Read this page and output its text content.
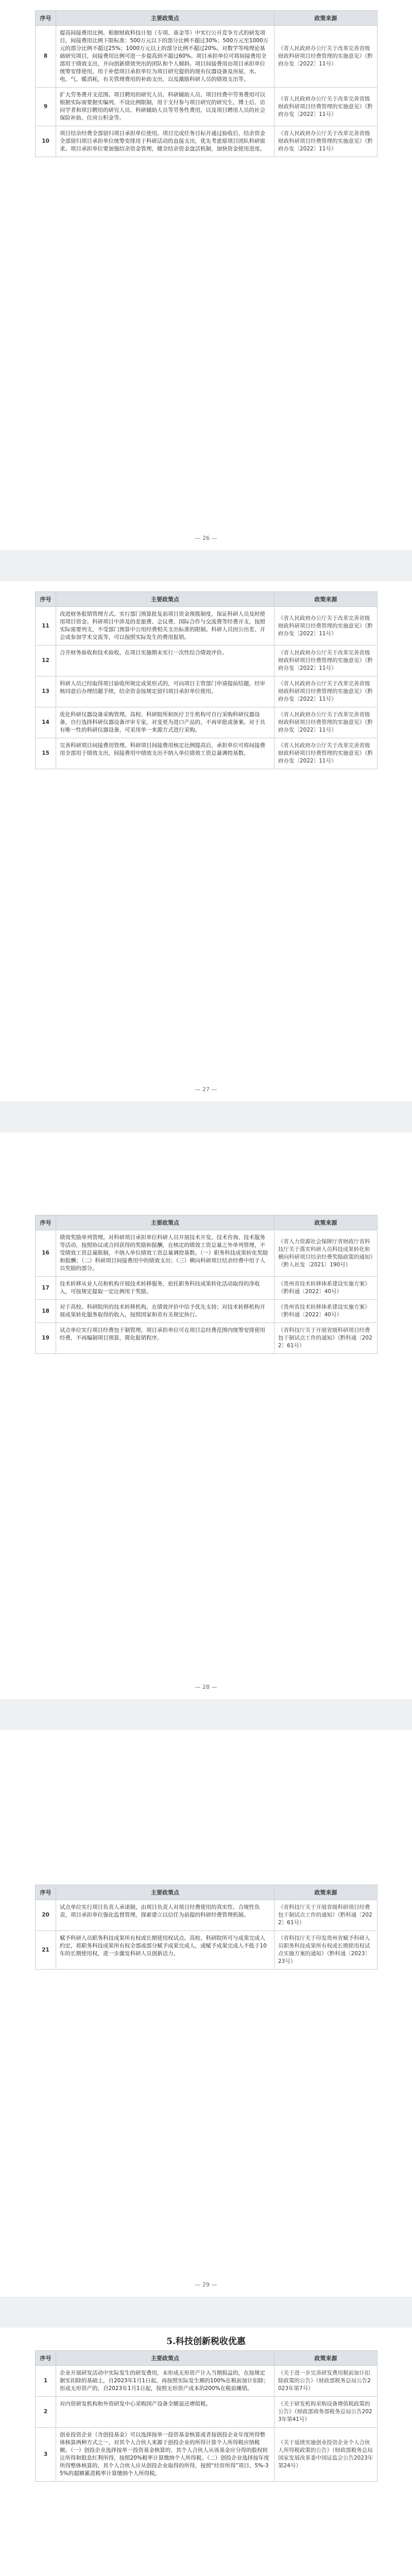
序号	主要政策点	政策来源
8	提高间接费用比例。根据财政科技计划（专项、基金等）中实行公开竞争方式的研发项目，间接费用比例下限标准：500万元以下的部分比例不超过30%；500万元至1000万元的部分比例不超过25%；1000万元以上的部分比例不超过20%。对数学等纯理论基础研究项目，间接费用比例可进一步提高到不超过60%。项目承担单位可将间接费用全部用于绩效支出，并向创新绩效突出的团队和个人倾斜。项目间接费用由项目承担单位统筹安排使用，用于补偿项目承担单位为项目研究提供的现有仪器设备及房屋、水、电、气、暖消耗，有关管理费用的补助支出，以及激励科研人员的绩效支出等。	《省人民政府办公厅关于改革完善省级财政科研项目经费管理的实施意见》（黔府办发〔2022〕11号）
9	扩大劳务费开支范围。项目聘用的研究人员、科研辅助人员、项目经费中劳务费用可以根据实际需要据实编列，不设比例限制，用于支付参与项目研究的研究生、博士后、访问学者和项目聘用的研究人员、科研辅助人员等劳务性费用，以及项目聘用人员的社会保险补助、住房公积金等。	《省人民政府办公厅关于改革完善省级财政科研项目经费管理的实施意见》（黔府办发〔2022〕11号）
10	项目结余经费全部留归项目承担单位使用。项目完成任务目标并通过验收后，结余资金全部留归项目承担单位统筹安排用于科研活动的直接支出，优先考虑原项目团队科研需求。项目承担单位要加强结余资金管理，健全结余资金盘活机制，加快资金使用进度。	《省人民政府办公厅关于改革完善省级财政科研项目经费管理的实施意见》（黔府办发〔2022〕11号）
— 26 —
序号	主要政策点	政策来源
11	改进财务报销管理方式。实行部门预算批复前项目资金预拨制度，保证科研人员及时使用项目资金。科研项目中涉及的差旅费、会议费、国际合作与交流费等经费开支，按照实际需要列支，不受部门预算中公用经费相关支出标准的限制。科研人员因公出差、开会或参加学术交流等，可以按照实际发生的费用报销。	《省人民政府办公厅关于改革完善省级财政科研项目经费管理的实施意见》（黔府办发〔2022〕11号）
12	合并财务验收和技术验收，在项目实施期末实行一次性综合绩效评价。	《省人民政府办公厅关于改革完善省级财政科研项目经费管理的实施意见》（黔府办发〔2022〕11号）
13	科研人员已经取得项目验收所规定成果形式的，可向项目主管部门申请提前结题，经审核同意后办理结题手续，结余资金按规定留归项目承担单位使用。	《省人民政府办公厅关于改革完善省级财政科研项目经费管理的实施意见》（黔府办发〔2022〕11号）
14	优化科研仪器设备采购管理。高校、科研院所和医疗卫生机构可自行采购科研仪器设备，自行选择科研仪器设备评审专家，对变更为进口产品的，不再审批或备案。对于具有唯一性的科研仪器设备，可采用单一来源方式进行采购。	《省人民政府办公厅关于改革完善省级财政科研项目经费管理的实施意见》（黔府办发〔2022〕11号）
15	完善科研项目间接费用管理。科研项目间接费用核定比例提高后，承担单位可将间接费用全部用于绩效支出，间接费用中绩效支出不纳入单位绩效工资总量调控基数。	《省人民政府办公厅关于改革完善省级财政科研项目经费管理的实施意见》（黔府办发〔2022〕11号）
— 27 —
序号	主要政策点	政策来源
16	绩效奖励单列管理。对科研项目承担单位科研人员开展技术开发、技术咨询、技术服务等活动，按照协议或合同获得的奖励和报酬，在核定的绩效工资总量之外单列管理，不受绩效工资总量限制，不纳入单位绩效工资总量调控基数。（一）职务科技成果转化奖励和报酬；（二）科研项目间接费用中的绩效支出；（三）横向科研项目结余经费中用于人员奖励的部分。	《省人力资源社会保障厅省财政厅省科技厅关于落实科研人员科技成果转化和横向科研项目结余经费奖励政策的通知》（黔人社发〔2021〕190号）
17	技术转移从业人员和机构开展技术转移服务，依托职务科技成果转化活动取得的净收入，可按规定提取一定比例用于奖励。	《贵州省技术转移体系建设实施方案》（黔科通〔2022〕40号）
18	对于高校、科研院所的技术转移机构，在绩效评价中给予优先支持；对技术转移机构开展成果转化服务取得的收入，按照国家和省有关规定执行。	《贵州省技术转移体系建设实施方案》（黔科通〔2022〕40号）
19	试点单位实行项目经费包干制管理。项目承担单位可在项目总经费范围内统筹安排使用经费，不再编制项目预算，简化报销程序。	《省科技厅关于开展省级科研项目经费包干制试点工作的通知》（黔科通〔2022〕61号）
— 28 —
序号	主要政策点	政策来源
20	试点单位实行项目负责人承诺制，由项目负责人对项目经费使用的真实性、合规性负责，项目承担单位强化监督管理，探索建立以信任为前提的科研经费管理机制。	《省科技厅关于开展省级科研项目经费包干制试点工作的通知》（黔科通〔2022〕61号）
21	赋予科研人员职务科技成果所有权或长期使用权试点。高校、科研院所可与成果完成人约定，将职务科技成果所有权全部或部分赋予成果完成人，或赋予成果完成人不低于10年的长期使用权，进一步激发科研人员创新活力。	《省科技厅关于印发贵州省赋予科研人员职务科技成果所有权或长期使用权试点实施方案的通知》（黔科通〔2023〕23号）
— 29 —
5.科技创新税收优惠
序号	主要政策点	政策来源
1	企业开展研发活动中实际发生的研发费用，未形成无形资产计入当期损益的，在按规定据实扣除的基础上，自2023年1月1日起，再按照实际发生额的100%在税前加计扣除；形成无形资产的，自2023年1月1日起，按照无形资产成本的200%在税前摊销。	《关于进一步完善研发费用税前加计扣除政策的公告》（财政部税务总局公告2023年第7号）
2	对内资研发机构和外资研发中心采购国产设备全额退还增值税。	《关于研发机构采购设备增值税政策的公告》（财政部商务部税务总局公告2023年第41号）
3	创业投资企业（含创投基金）可以选择按单一投资基金核算或者按创投企业年度所得整体核算两种方式之一，对其个人合伙人来源于创投企业的所得计算个人所得税应纳税额。（一）创投企业选择按单一投资基金核算的，其个人合伙人从该基金应分得的股权转让所得和股息红利所得，按照20%税率计算缴纳个人所得税。（二）创投企业选择按年度所得整体核算的，其个人合伙人应从创投企业取得的所得，按照“经营所得”项目、5%-35%的超额累进税率计算缴纳个人所得税。	《关于延续实施创业投资企业个人合伙人所得税政策的公告》（财政部税务总局国家发展改革委中国证监会公告2023年第24号）
